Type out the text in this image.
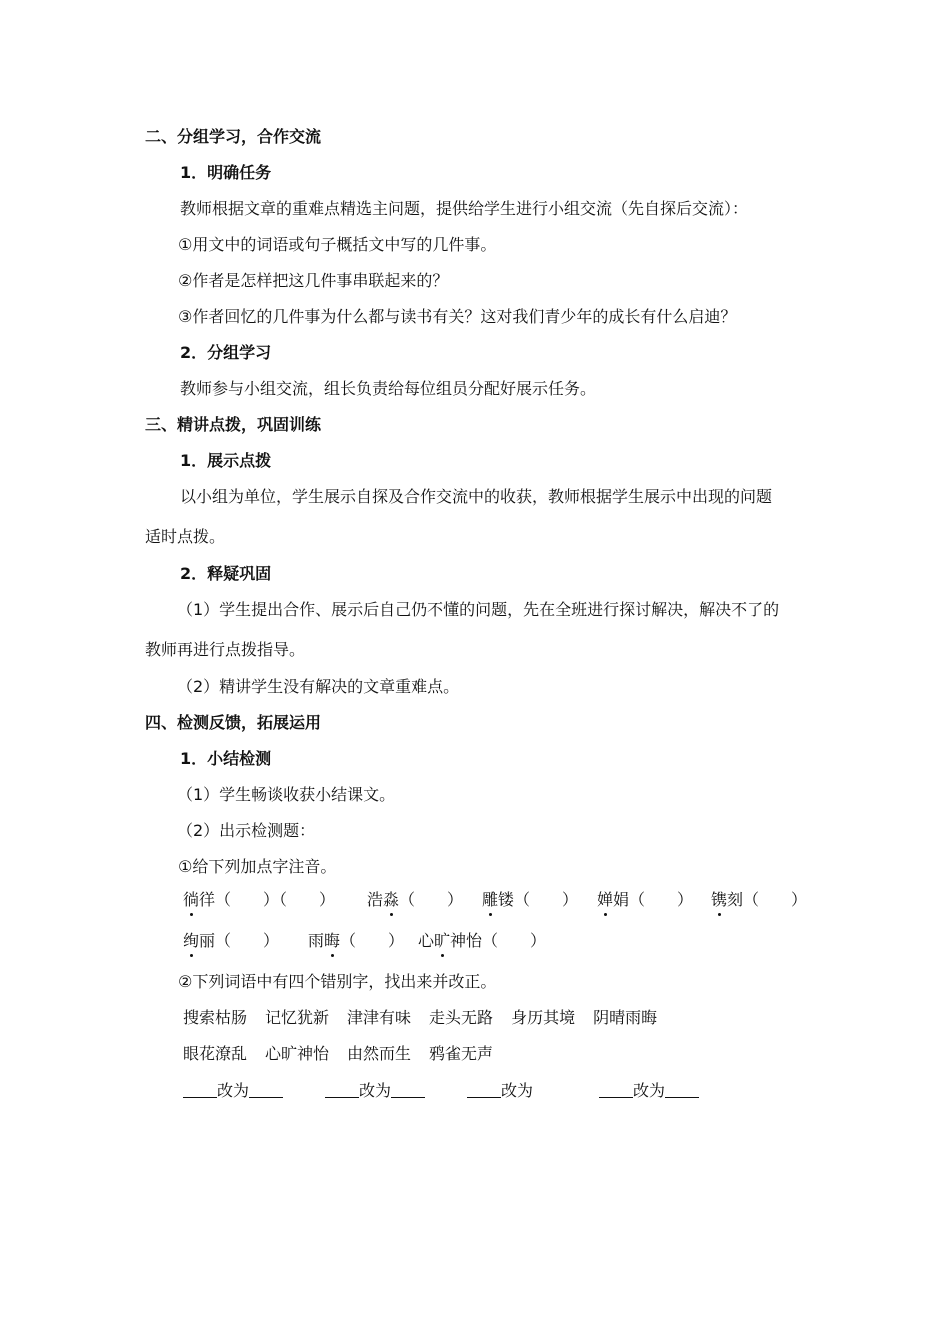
二、分组学习，合作交流
1．明确任务
教师根据文章的重难点精选主问题，提供给学生进行小组交流（先自探后交流）：
①用文中的词语或句子概括文中写的几件事。
②作者是怎样把这几件事串联起来的？
③作者回忆的几件事为什么都与读书有关？这对我们青少年的成长有什么启迪？
2．分组学习
教师参与小组交流，组长负责给每位组员分配好展示任务。
三、精讲点拨，巩固训练
1．展示点拨
以小组为单位，学生展示自探及合作交流中的收获，教师根据学生展示中出现的问题
适时点拨。
2．释疑巩固
（1）学生提出合作、展示后自己仍不懂的问题，先在全班进行探讨解决，解决不了的
教师再进行点拨指导。
（2）精讲学生没有解决的文章重难点。
四、检测反馈，拓展运用
1．小结检测
（1）学生畅谈收获小结课文。
（2）出示检测题：
①给下列加点字注音。
徜徉（　　）（　　） 浩淼（　　） 雕镂（　　） 婵娟（　　） 镌刻（　　）
绚丽（　　） 雨晦（　　） 心旷神怡（　　）
②下列词语中有四个错别字，找出来并改正。
搜索枯肠 记忆犹新 津津有味 走头无路 身历其境 阴晴雨晦
眼花潦乱 心旷神怡 由然而生 鸦雀无声
改为	改为	改为	改为
